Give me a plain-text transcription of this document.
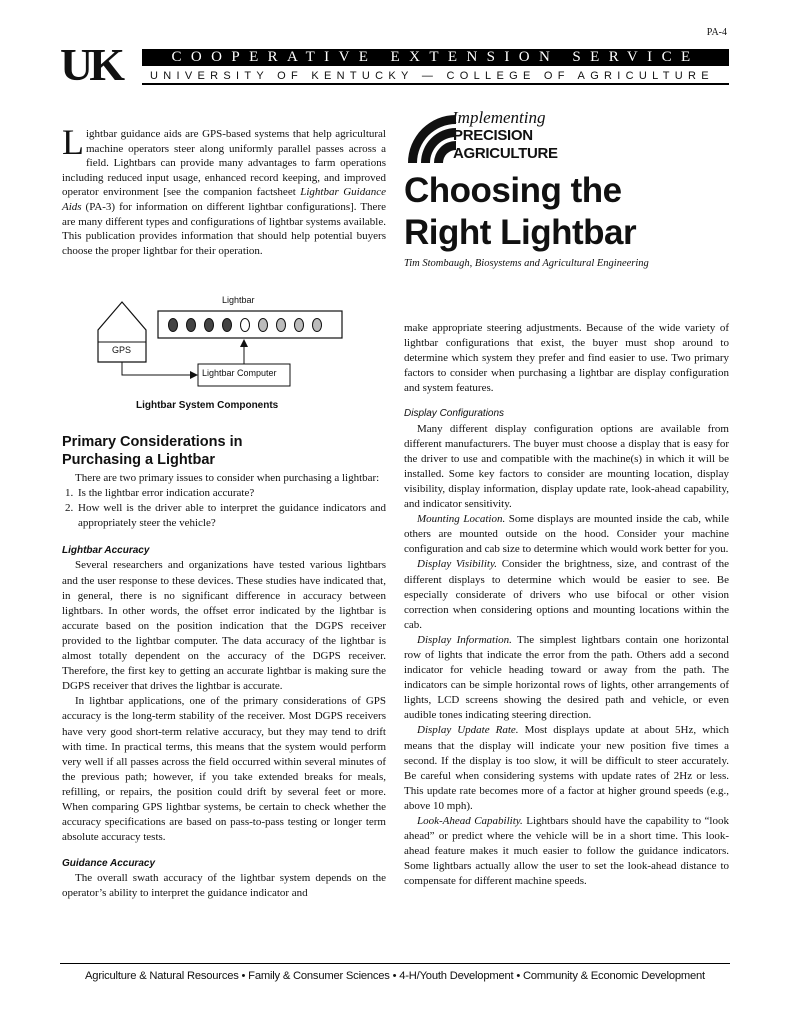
PA-4
UK	COOPERATIVE EXTENSION SERVICE
UNIVERSITY OF KENTUCKY — COLLEGE OF AGRICULTURE
Implementing
PRECISION
AGRICULTURE
Choosing the
Right Lightbar
Tim Stombaugh, Biosystems and Agricultural Engineering
Lightbar guidance aids are GPS-based systems that help agricultural machine operators steer along uniformly parallel passes across a field. Lightbars can provide many advantages to farm operations including reduced input usage, enhanced record keeping, and improved operator environment [see the companion factsheet Lightbar Guidance Aids (PA-3) for information on different lightbar configurations]. There are many different types and configurations of lightbar systems available. This publication provides information that should help potential buyers choose the proper lightbar for their operation.
Lightbar
GPS
Lightbar Computer
Lightbar System Components
Primary Considerations in
Purchasing a Lightbar

There are two primary issues to consider when purchasing a lightbar:

1. Is the lightbar error indication accurate?
2. How well is the driver able to interpret the guidance indicators and appropriately steer the vehicle?
Lightbar Accuracy

Several researchers and organizations have tested various lightbars and the user response to these devices. These studies have indicated that, in general, there is no significant difference in accuracy between lightbars. In other words, the offset error indicated by the lightbar is accurate based on the position indication that the DGPS receiver provided to the lightbar computer. The data accuracy of the lightbar is almost totally dependent on the accuracy of the DGPS receiver. Therefore, the first key to getting an accurate lightbar is making sure the DGPS receiver that drives the lightbar is accurate.

In lightbar applications, one of the primary considerations of GPS accuracy is the long-term stability of the receiver. Most DGPS receivers have very good short-term relative accuracy, but they may tend to drift with time. In practical terms, this means that the system would perform very well if all passes across the field occurred within several minutes of the previous path; however, if you take extended breaks for meals, refilling, or repairs, the position could drift by several feet or more. When comparing GPS lightbar systems, be certain to check whether the accuracy specifications are based on pass-to-pass testing or longer term absolute accuracy tests.

Guidance Accuracy

The overall swath accuracy of the lightbar system depends on the operator’s ability to interpret the guidance indicator and

make appropriate steering adjustments. Because of the wide variety of lightbar configurations that exist, the buyer must shop around to determine which system they prefer and find easier to use. Two primary factors to consider when purchasing a lightbar are display configuration and system features.

Display Configurations

Many different display configuration options are available from different manufacturers. The buyer must choose a display that is easy for the driver to use and compatible with the machine(s) in which it will be installed. Some key factors to consider are mounting location, display visibility, display information, display update rate, look-ahead capability, and indicator sensitivity.

Mounting Location. Some displays are mounted inside the cab, while others are mounted outside on the hood. Consider your machine configuration and cab size to determine which would work better for you.

Display Visibility. Consider the brightness, size, and contrast of the different displays to determine which would be easier to see. Be especially considerate of drivers who use bifocal or other vision correction when considering options and mounting locations within the cab.

Display Information. The simplest lightbars contain one horizontal row of lights that indicate the error from the path. Others add a second indicator for vehicle heading toward or away from the path. The indicators can be simple horizontal rows of lights, other arrangements of lights, LCD screens showing the desired path and vehicle, or even audible tones indicating steering direction.

Display Update Rate. Most displays update at about 5Hz, which means that the display will indicate your new position five times a second. If the display is too slow, it will be difficult to steer accurately. Be careful when considering systems with update rates of 2Hz or less. This update rate becomes more of a factor at higher ground speeds (e.g., above 10 mph).

Look-Ahead Capability. Lightbars should have the capability to “look ahead” or predict where the vehicle will be in a short time. This look-ahead feature makes it much easier to follow the guidance indicators. Some lightbars actually allow the user to set the look-ahead distance to compensate for different machine speeds.

Agriculture & Natural Resources • Family & Consumer Sciences • 4-H/Youth Development • Community & Economic Development
